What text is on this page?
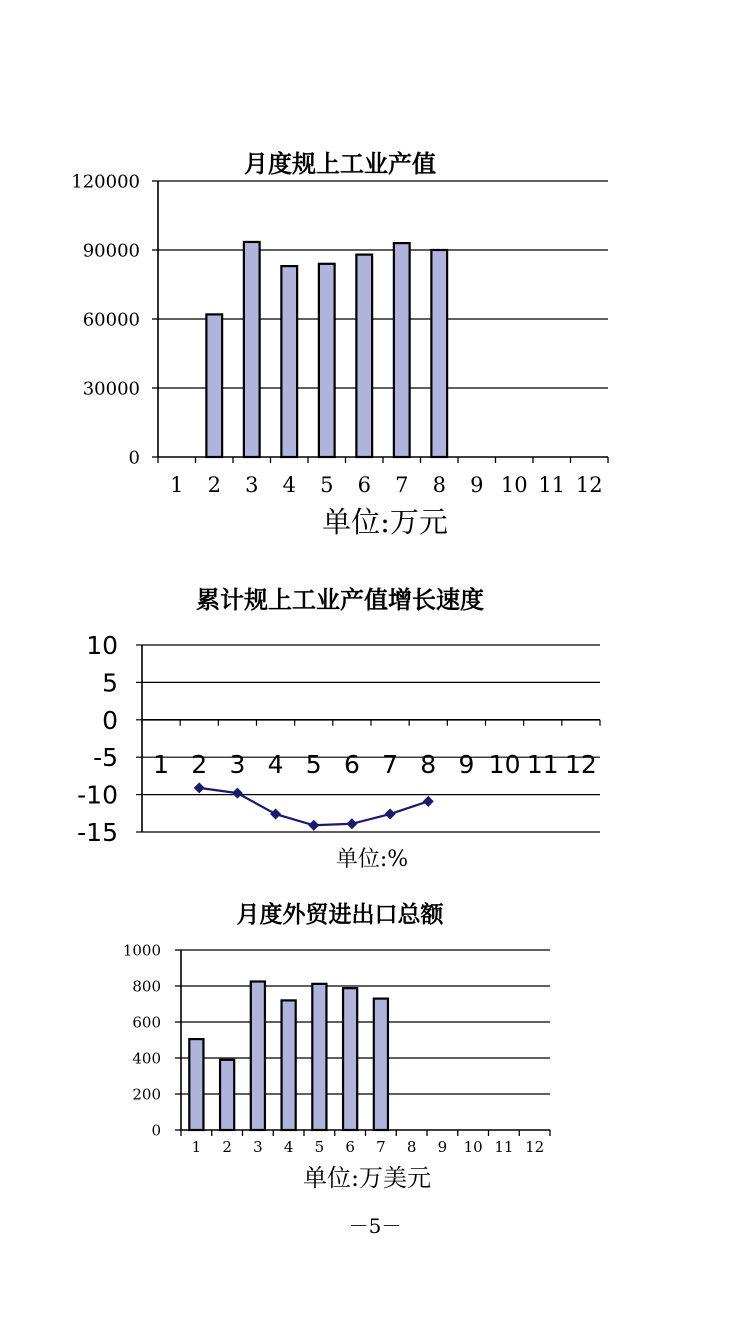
月度规上工业产值
120000
90000
60000
30000
0
1 2 3 4 5 6 7 8 9 10 11 12
单位:万元
累计规上工业产值增长速度
10
5
0
-5
-10
-15
1 2 3 4 5 6 7 8 9 10 11 12
单位:%
月度外贸进出口总额
1000
800
600
400
200
0
1 2 3 4 5 6 7 8 9 10 11 12
单位:万美元
－5－
